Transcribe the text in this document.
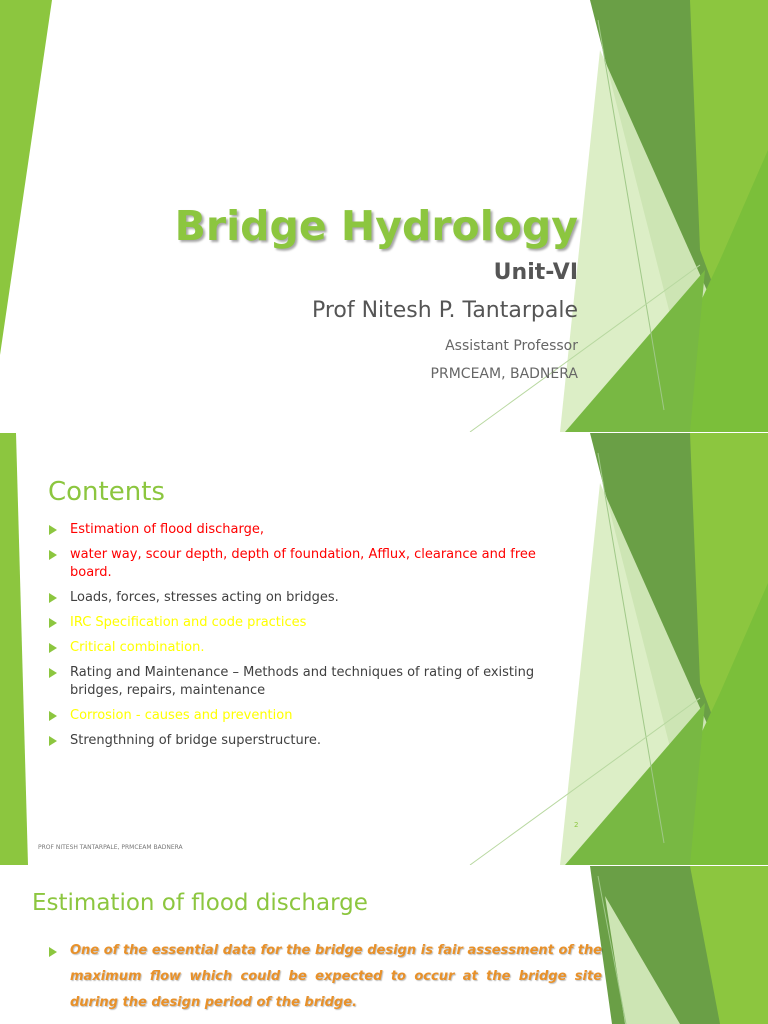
Bridge Hydrology
Unit-VI
Prof Nitesh P. Tantarpale
Assistant Professor
PRMCEAM, BADNERA
Contents
Estimation of flood discharge,
water way, scour depth, depth of foundation, Afflux, clearance and free board.
Loads, forces, stresses acting on bridges.
IRC Specification and code practices
Critical combination.
Rating and Maintenance – Methods and techniques of rating of existing bridges, repairs, maintenance
Corrosion - causes and prevention
Strengthning of bridge superstructure.
2
PROF NITESH TANTARPALE, PRMCEAM BADNERA
Estimation of flood discharge
One of the essential data for the bridge design is fair assessment of the maximum flow which could be expected to occur at the bridge site during the design period of the bridge.
